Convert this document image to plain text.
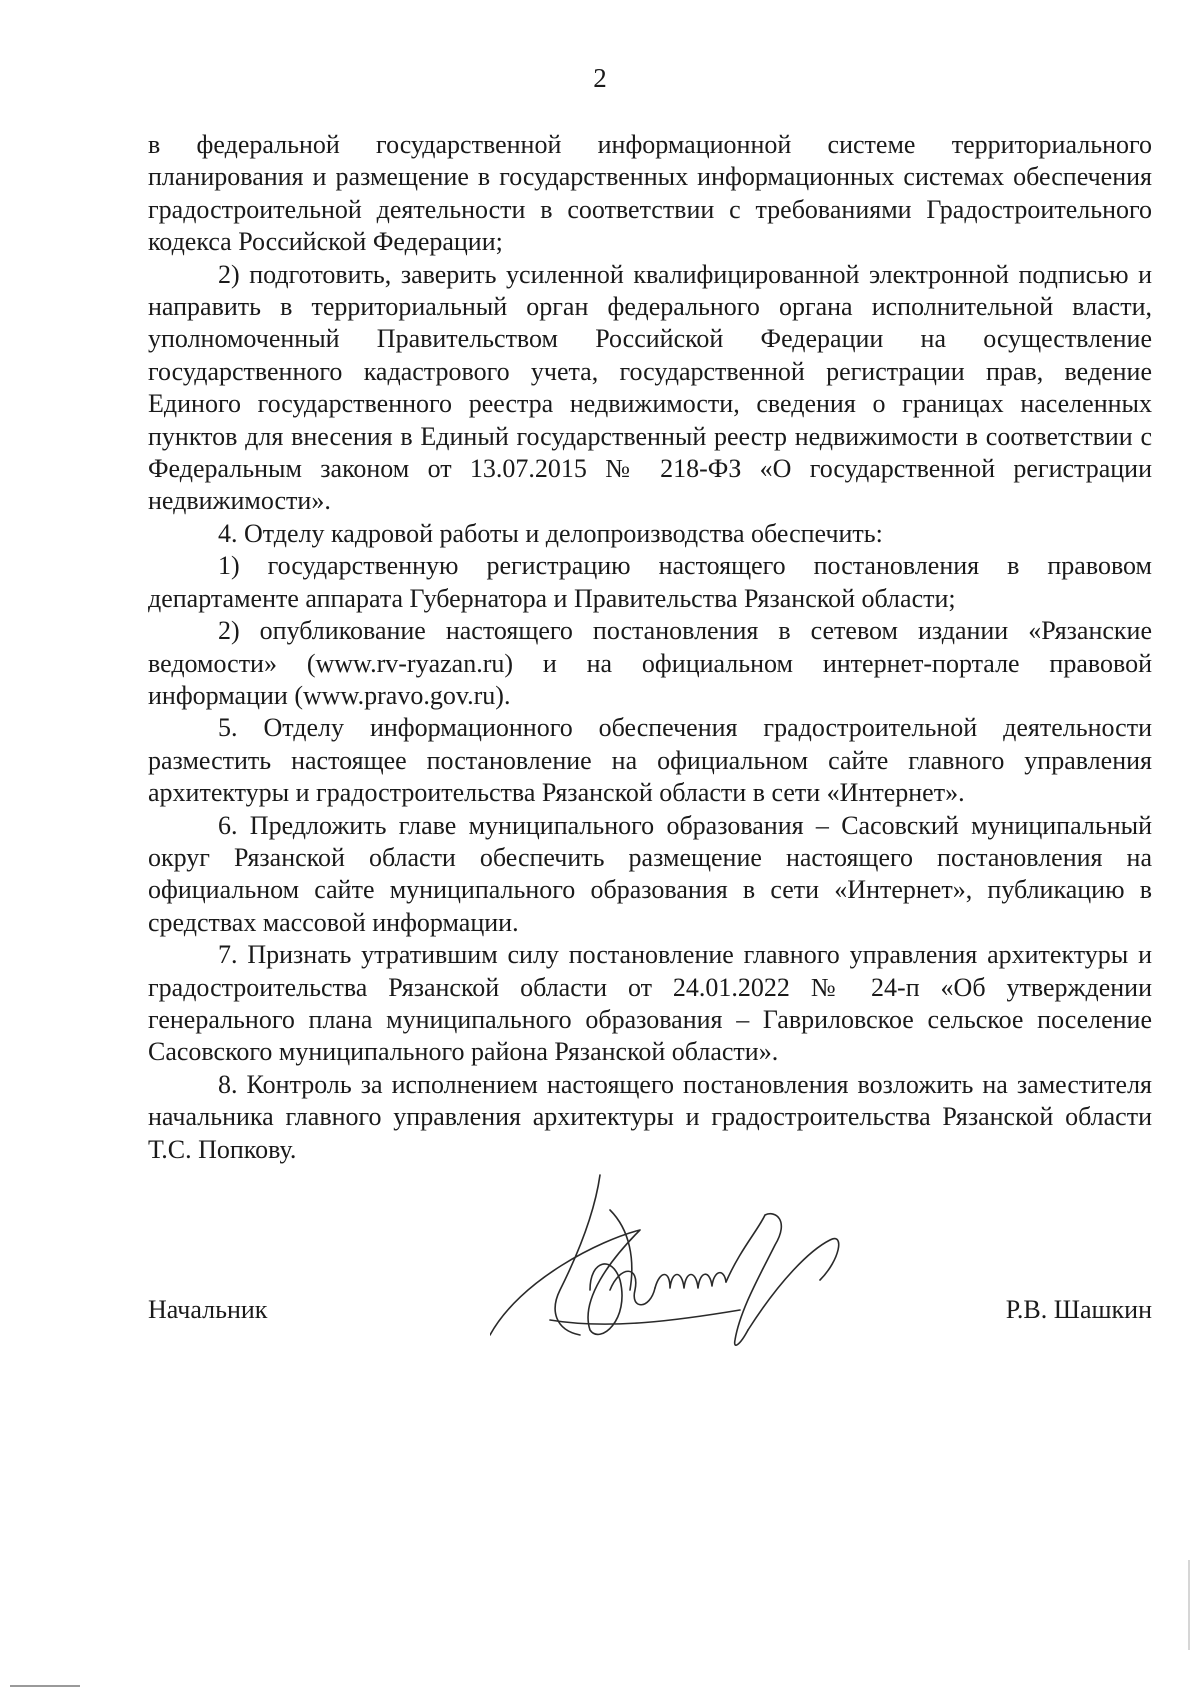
2

в федеральной государственной информационной системе территориального планирования и размещение в государственных информационных системах обеспечения градостроительной деятельности в соответствии с требованиями Градостроительного кодекса Российской Федерации;

2) подготовить, заверить усиленной квалифицированной электронной подписью и направить в территориальный орган федерального органа исполнительной власти, уполномоченный Правительством Российской Федерации на осуществление государственного кадастрового учета, государственной регистрации прав, ведение Единого государственного реестра недвижимости, сведения о границах населенных пунктов для внесения в Единый государственный реестр недвижимости в соответствии с Федеральным законом от 13.07.2015 № 218-ФЗ «О государственной регистрации недвижимости».

4. Отделу кадровой работы и делопроизводства обеспечить:

1) государственную регистрацию настоящего постановления в правовом департаменте аппарата Губернатора и Правительства Рязанской области;

2) опубликование настоящего постановления в сетевом издании «Рязанские ведомости» (www.rv-ryazan.ru) и на официальном интернет-портале правовой информации (www.pravo.gov.ru).

5. Отделу информационного обеспечения градостроительной деятельности разместить настоящее постановление на официальном сайте главного управления архитектуры и градостроительства Рязанской области в сети «Интернет».

6. Предложить главе муниципального образования – Сасовский муниципальный округ Рязанской области обеспечить размещение настоящего постановления на официальном сайте муниципального образования в сети «Интернет», публикацию в средствах массовой информации.

7. Признать утратившим силу постановление главного управления архитектуры и градостроительства Рязанской области от 24.01.2022 № 24-п «Об утверждении генерального плана муниципального образования – Гавриловское сельское поселение Сасовского муниципального района Рязанской области».

8. Контроль за исполнением настоящего постановления возложить на заместителя начальника главного управления архитектуры и градостроительства Рязанской области Т.С. Попкову.

Начальник	Р.В. Шашкин
